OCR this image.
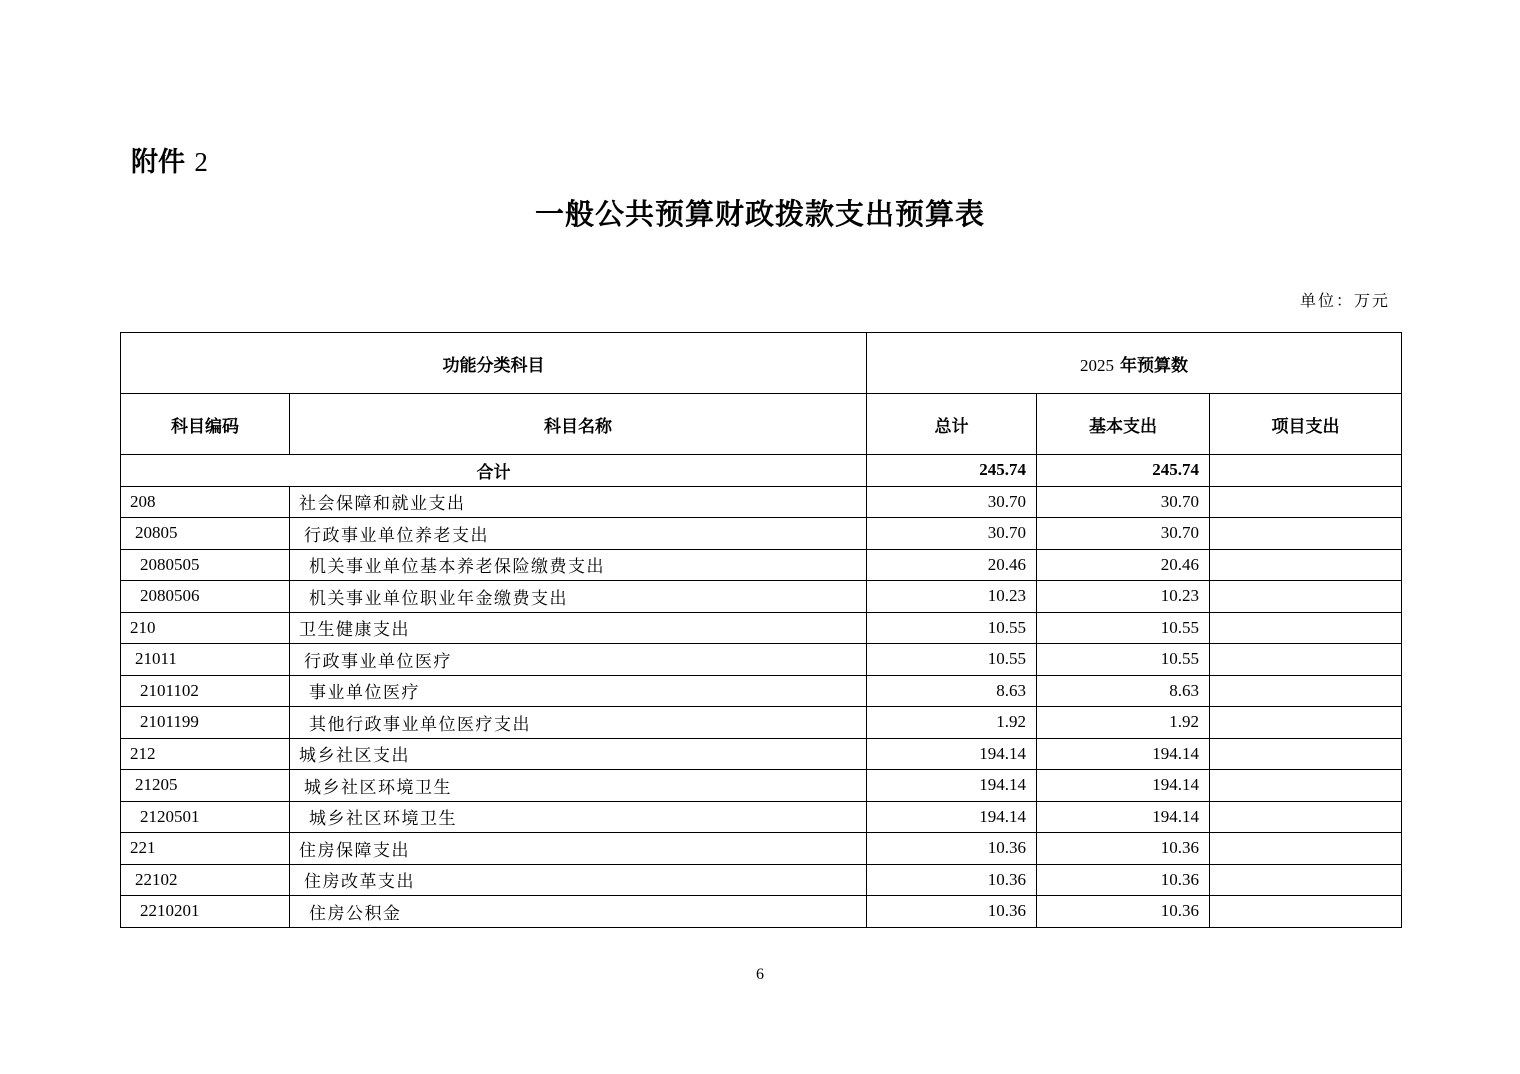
附件 2
一般公共预算财政拨款支出预算表
单位：万元
功能分类科目		2025 年预算数		
科目编码	科目名称	总计	基本支出	项目支出
合计		245.74	245.74	
208	社会保障和就业支出	30.70	30.70	
20805	行政事业单位养老支出	30.70	30.70	
2080505	机关事业单位基本养老保险缴费支出	20.46	20.46	
2080506	机关事业单位职业年金缴费支出	10.23	10.23	
210	卫生健康支出	10.55	10.55	
21011	行政事业单位医疗	10.55	10.55	
2101102	事业单位医疗	8.63	8.63	
2101199	其他行政事业单位医疗支出	1.92	1.92	
212	城乡社区支出	194.14	194.14	
21205	城乡社区环境卫生	194.14	194.14	
2120501	城乡社区环境卫生	194.14	194.14	
221	住房保障支出	10.36	10.36	
22102	住房改革支出	10.36	10.36	
2210201	住房公积金	10.36	10.36	
6
